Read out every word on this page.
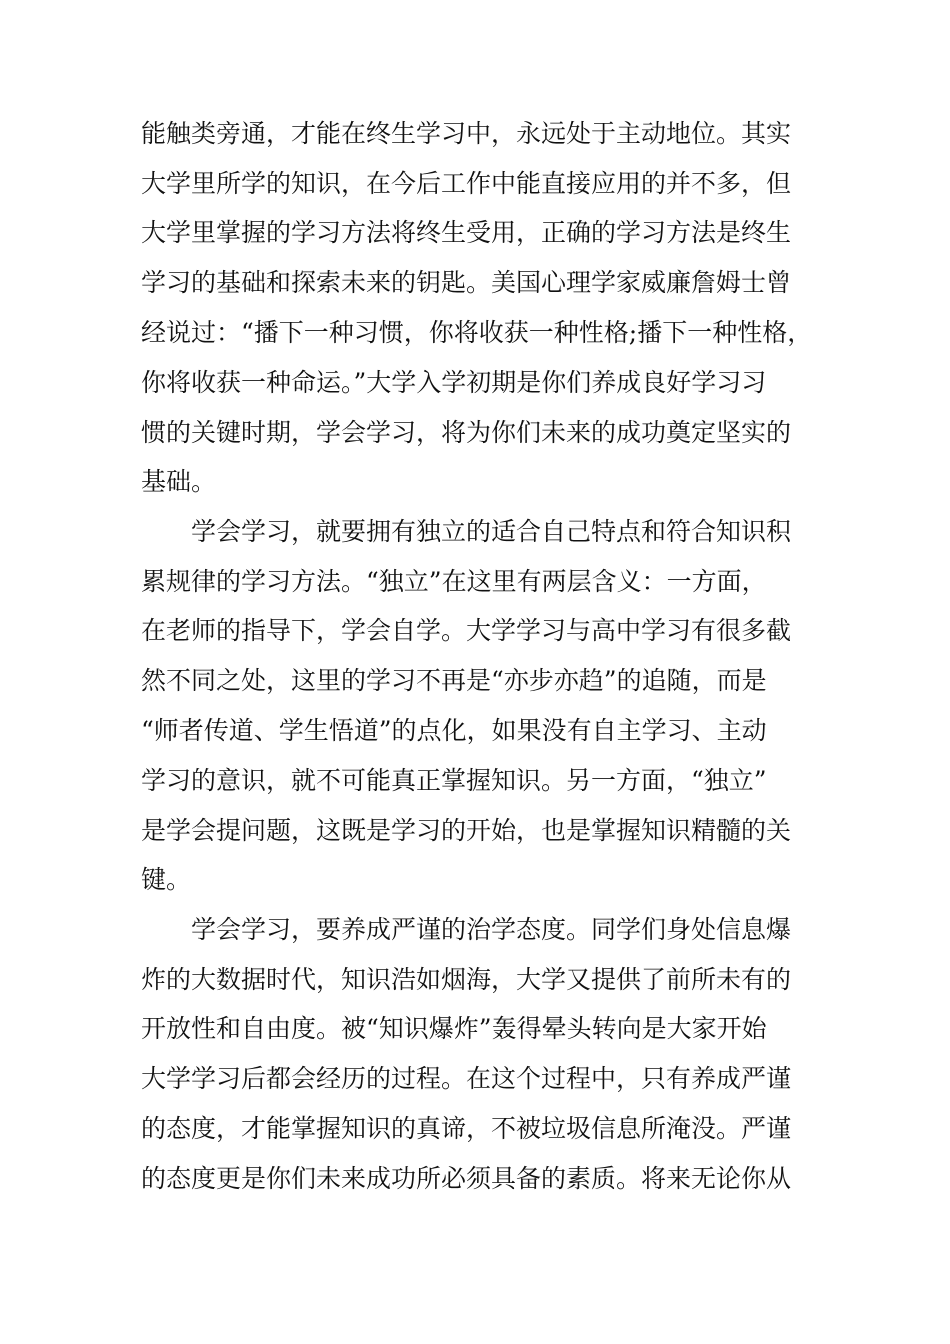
能触类旁通，才能在终生学习中，永远处于主动地位。其实
大学里所学的知识，在今后工作中能直接应用的并不多，但
大学里掌握的学习方法将终生受用，正确的学习方法是终生
学习的基础和探索未来的钥匙。美国心理学家威廉詹姆士曾
经说过：“播下一种习惯，你将收获一种性格;播下一种性格，
你将收获一种命运。”大学入学初期是你们养成良好学习习
惯的关键时期，学会学习，将为你们未来的成功奠定坚实的
基础。
　　学会学习，就要拥有独立的适合自己特点和符合知识积
累规律的学习方法。“独立”在这里有两层含义：一方面，
在老师的指导下，学会自学。大学学习与高中学习有很多截
然不同之处，这里的学习不再是“亦步亦趋”的追随，而是
“师者传道、学生悟道”的点化，如果没有自主学习、主动
学习的意识，就不可能真正掌握知识。另一方面，“独立”
是学会提问题，这既是学习的开始，也是掌握知识精髓的关
键。
　　学会学习，要养成严谨的治学态度。同学们身处信息爆
炸的大数据时代，知识浩如烟海，大学又提供了前所未有的
开放性和自由度。被“知识爆炸”轰得晕头转向是大家开始
大学学习后都会经历的过程。在这个过程中，只有养成严谨
的态度，才能掌握知识的真谛，不被垃圾信息所淹没。严谨
的态度更是你们未来成功所必须具备的素质。将来无论你从
